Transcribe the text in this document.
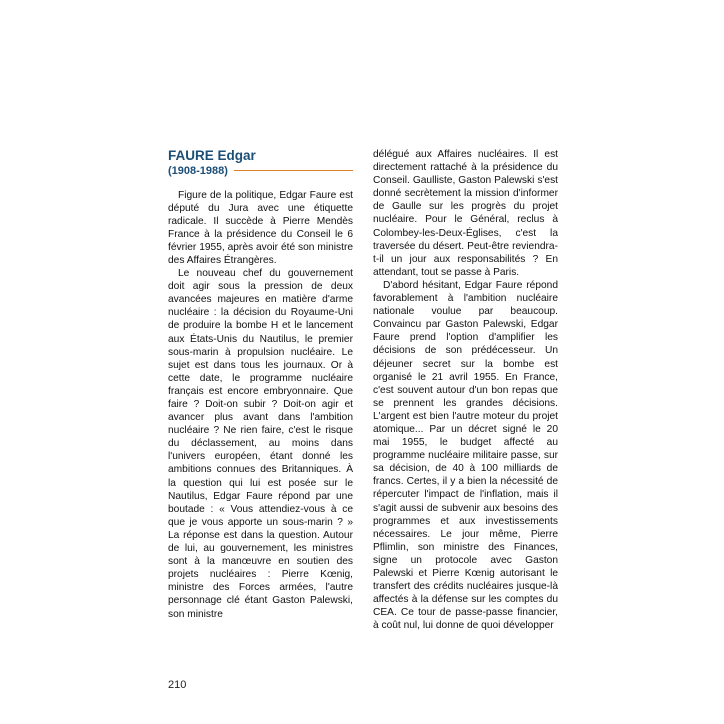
FAURE Edgar
(1908-1988)

Figure de la politique, Edgar Faure est député du Jura avec une étiquette radicale. Il succède à Pierre Mendès France à la présidence du Conseil le 6 février 1955, après avoir été son ministre des Affaires Étrangères.

Le nouveau chef du gouvernement doit agir sous la pression de deux avancées majeures en matière d'arme nucléaire : la décision du Royaume-Uni de produire la bombe H et le lancement aux États-Unis du Nautilus, le premier sous-marin à propulsion nucléaire. Le sujet est dans tous les journaux. Or à cette date, le programme nucléaire français est encore embryonnaire. Que faire ? Doit-on subir ? Doit-on agir et avancer plus avant dans l'ambition nucléaire ? Ne rien faire, c'est le risque du déclassement, au moins dans l'univers européen, étant donné les ambitions connues des Britanniques. À la question qui lui est posée sur le Nautilus, Edgar Faure répond par une boutade : « Vous attendiez-vous à ce que je vous apporte un sous-marin ? » La réponse est dans la question. Autour de lui, au gouvernement, les ministres sont à la manœuvre en soutien des projets nucléaires : Pierre Kœnig, ministre des Forces armées, l'autre personnage clé étant Gaston Palewski, son ministre

délégué aux Affaires nucléaires. Il est directement rattaché à la présidence du Conseil. Gaulliste, Gaston Palewski s'est donné secrètement la mission d'informer de Gaulle sur les progrès du projet nucléaire. Pour le Général, reclus à Colombey-les-Deux-Églises, c'est la traversée du désert. Peut-être reviendra-t-il un jour aux responsabilités ? En attendant, tout se passe à Paris.

D'abord hésitant, Edgar Faure répond favorablement à l'ambition nucléaire nationale voulue par beaucoup. Convaincu par Gaston Palewski, Edgar Faure prend l'option d'amplifier les décisions de son prédécesseur. Un déjeuner secret sur la bombe est organisé le 21 avril 1955. En France, c'est souvent autour d'un bon repas que se prennent les grandes décisions. L'argent est bien l'autre moteur du projet atomique... Par un décret signé le 20 mai 1955, le budget affecté au programme nucléaire militaire passe, sur sa décision, de 40 à 100 milliards de francs. Certes, il y a bien la nécessité de répercuter l'impact de l'inflation, mais il s'agit aussi de subvenir aux besoins des programmes et aux investissements nécessaires. Le jour même, Pierre Pflimlin, son ministre des Finances, signe un protocole avec Gaston Palewski et Pierre Kœnig autorisant le transfert des crédits nucléaires jusque-là affectés à la défense sur les comptes du CEA. Ce tour de passe-passe financier, à coût nul, lui donne de quoi développer

210
